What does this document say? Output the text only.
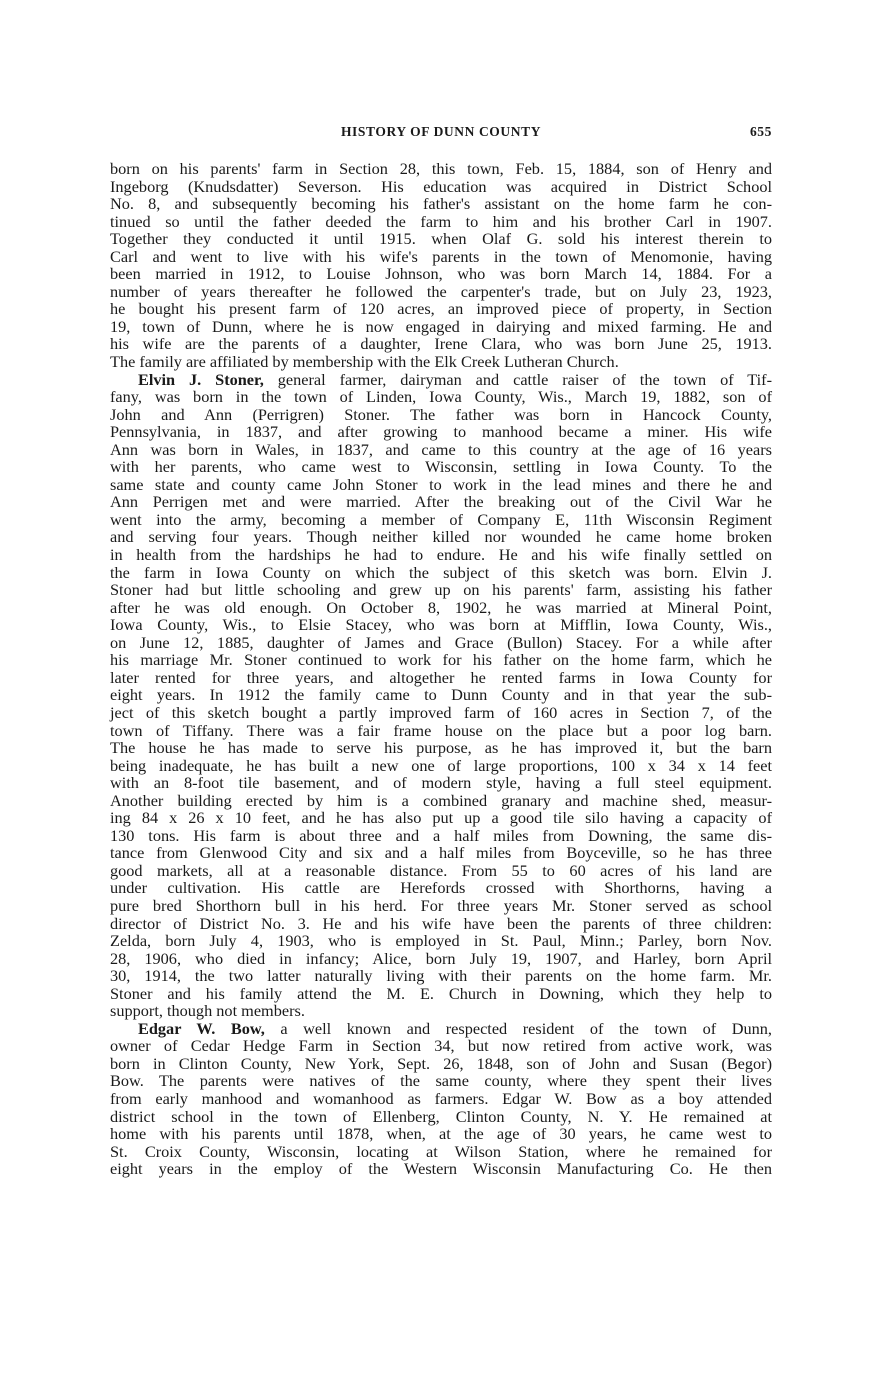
HISTORY OF DUNN COUNTY	655
born on his parents' farm in Section 28, this town, Feb. 15, 1884, son of Henry and
Ingeborg (Knudsdatter) Severson. His education was acquired in District School
No. 8, and subsequently becoming his father's assistant on the home farm he con-
tinued so until the father deeded the farm to him and his brother Carl in 1907.
Together they conducted it until 1915. when Olaf G. sold his interest therein to
Carl and went to live with his wife's parents in the town of Menomonie, having
been married in 1912, to Louise Johnson, who was born March 14, 1884. For a
number of years thereafter he followed the carpenter's trade, but on July 23, 1923,
he bought his present farm of 120 acres, an improved piece of property, in Section
19, town of Dunn, where he is now engaged in dairying and mixed farming. He and
his wife are the parents of a daughter, Irene Clara, who was born June 25, 1913.
The family are affiliated by membership with the Elk Creek Lutheran Church.
Elvin J. Stoner, general farmer, dairyman and cattle raiser of the town of Tif-
fany, was born in the town of Linden, Iowa County, Wis., March 19, 1882, son of
John and Ann (Perrigren) Stoner. The father was born in Hancock County,
Pennsylvania, in 1837, and after growing to manhood became a miner. His wife
Ann was born in Wales, in 1837, and came to this country at the age of 16 years
with her parents, who came west to Wisconsin, settling in Iowa County. To the
same state and county came John Stoner to work in the lead mines and there he and
Ann Perrigen met and were married. After the breaking out of the Civil War he
went into the army, becoming a member of Company E, 11th Wisconsin Regiment
and serving four years. Though neither killed nor wounded he came home broken
in health from the hardships he had to endure. He and his wife finally settled on
the farm in Iowa County on which the subject of this sketch was born. Elvin J.
Stoner had but little schooling and grew up on his parents' farm, assisting his father
after he was old enough. On October 8, 1902, he was married at Mineral Point,
Iowa County, Wis., to Elsie Stacey, who was born at Mifflin, Iowa County, Wis.,
on June 12, 1885, daughter of James and Grace (Bullon) Stacey. For a while after
his marriage Mr. Stoner continued to work for his father on the home farm, which he
later rented for three years, and altogether he rented farms in Iowa County for
eight years. In 1912 the family came to Dunn County and in that year the sub-
ject of this sketch bought a partly improved farm of 160 acres in Section 7, of the
town of Tiffany. There was a fair frame house on the place but a poor log barn.
The house he has made to serve his purpose, as he has improved it, but the barn
being inadequate, he has built a new one of large proportions, 100 x 34 x 14 feet
with an 8-foot tile basement, and of modern style, having a full steel equipment.
Another building erected by him is a combined granary and machine shed, measur-
ing 84 x 26 x 10 feet, and he has also put up a good tile silo having a capacity of
130 tons. His farm is about three and a half miles from Downing, the same dis-
tance from Glenwood City and six and a half miles from Boyceville, so he has three
good markets, all at a reasonable distance. From 55 to 60 acres of his land are
under cultivation. His cattle are Herefords crossed with Shorthorns, having a
pure bred Shorthorn bull in his herd. For three years Mr. Stoner served as school
director of District No. 3. He and his wife have been the parents of three children:
Zelda, born July 4, 1903, who is employed in St. Paul, Minn.; Parley, born Nov.
28, 1906, who died in infancy; Alice, born July 19, 1907, and Harley, born April
30, 1914, the two latter naturally living with their parents on the home farm. Mr.
Stoner and his family attend the M. E. Church in Downing, which they help to
support, though not members.
Edgar W. Bow, a well known and respected resident of the town of Dunn,
owner of Cedar Hedge Farm in Section 34, but now retired from active work, was
born in Clinton County, New York, Sept. 26, 1848, son of John and Susan (Begor)
Bow. The parents were natives of the same county, where they spent their lives
from early manhood and womanhood as farmers. Edgar W. Bow as a boy attended
district school in the town of Ellenberg, Clinton County, N. Y. He remained at
home with his parents until 1878, when, at the age of 30 years, he came west to
St. Croix County, Wisconsin, locating at Wilson Station, where he remained for
eight years in the employ of the Western Wisconsin Manufacturing Co. He then
